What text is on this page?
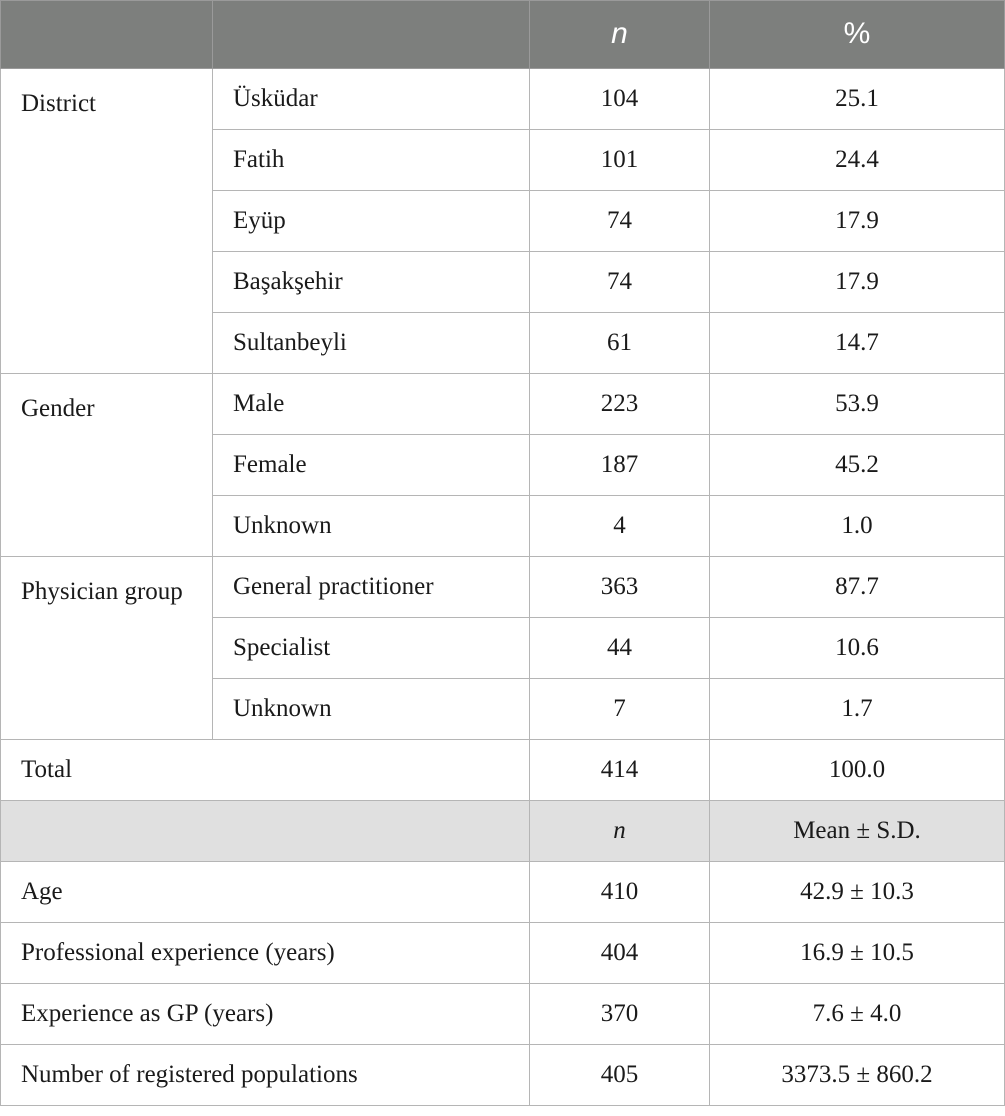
		n	%
District	Üsküdar	104	25.1
	Fatih	101	24.4
	Eyüp	74	17.9
	Başakşehir	74	17.9
	Sultanbeyli	61	14.7
Gender	Male	223	53.9
	Female	187	45.2
	Unknown	4	1.0
Physician group	General practitioner	363	87.7
	Specialist	44	10.6
	Unknown	7	1.7
Total		414	100.0
		n	Mean ± S.D.
Age		410	42.9 ± 10.3
Professional experience (years)		404	16.9 ± 10.5
Experience as GP (years)		370	7.6 ± 4.0
Number of registered populations		405	3373.5 ± 860.2
